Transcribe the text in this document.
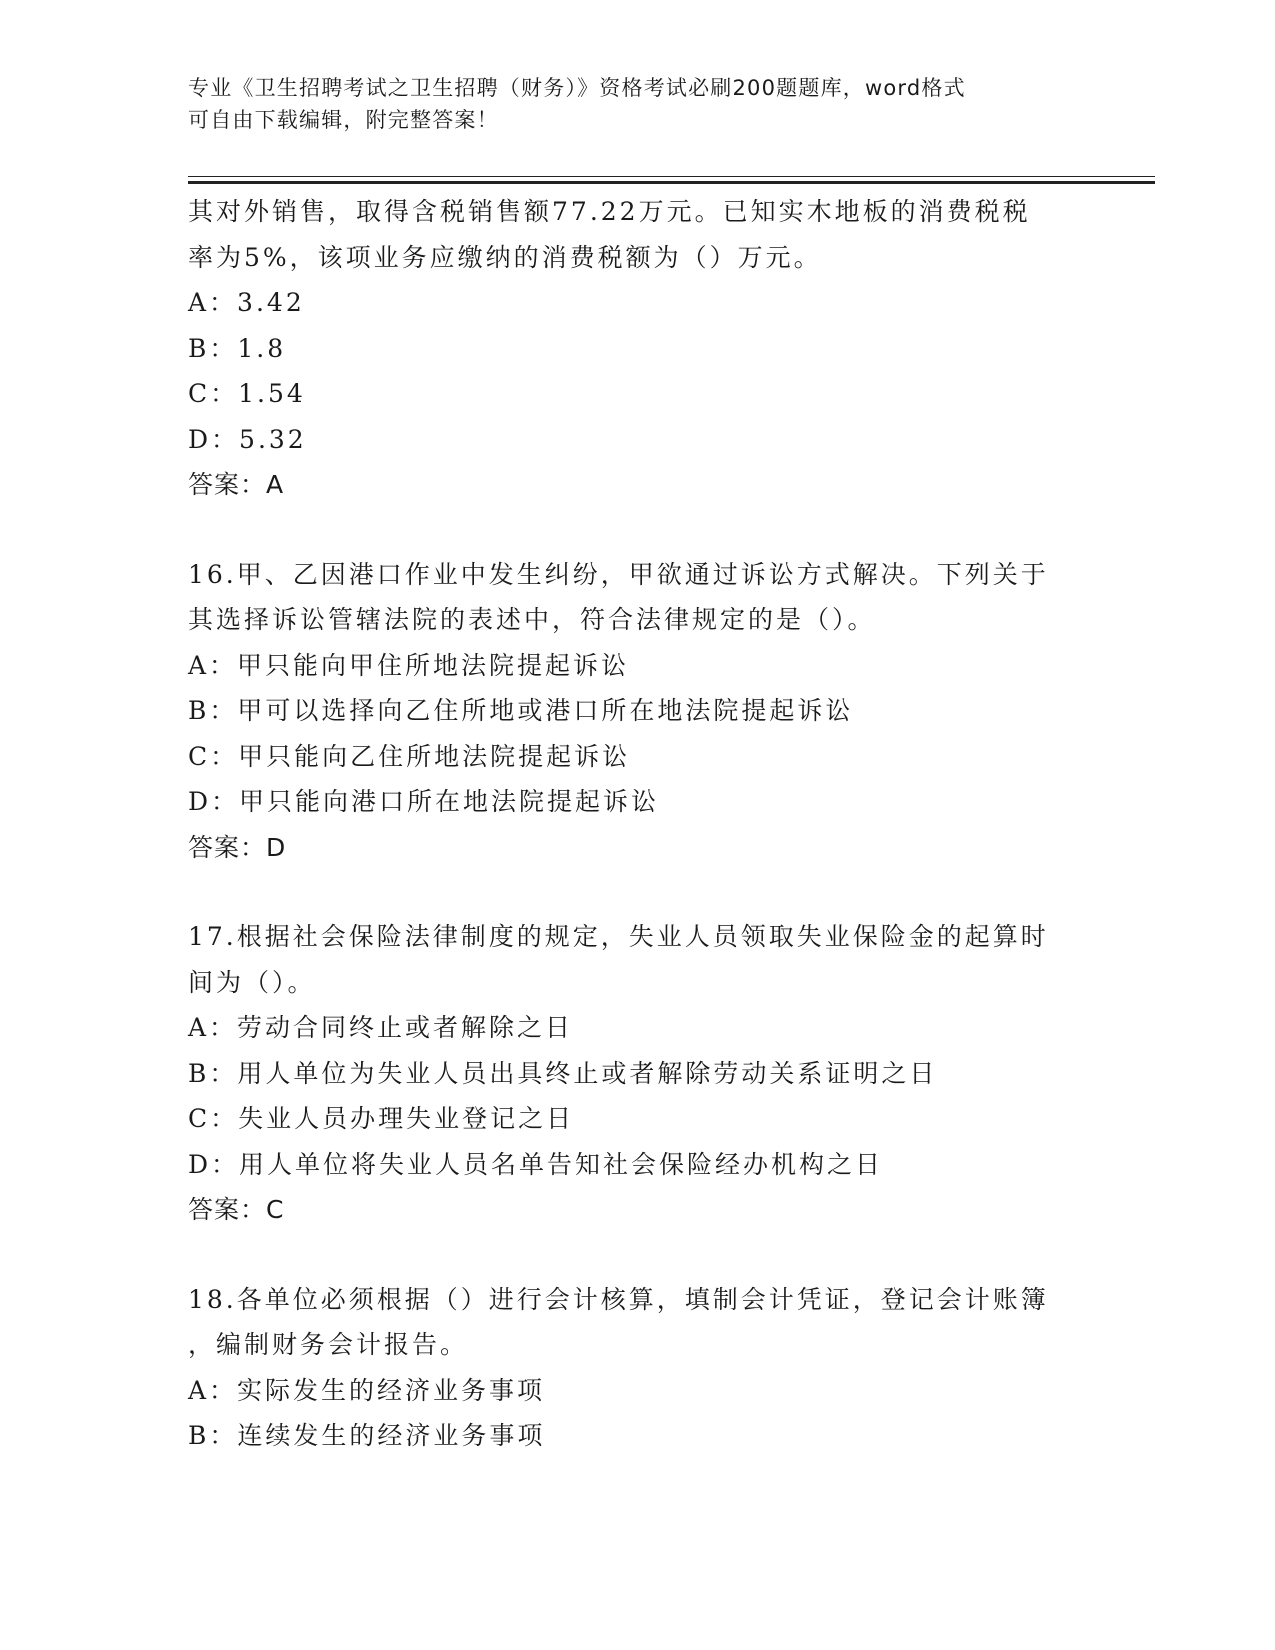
专业《卫生招聘考试之卫生招聘（财务）》资格考试必刷200题题库，word格式
可自由下载编辑，附完整答案！
其对外销售，取得含税销售额77.22万元。已知实木地板的消费税税
率为5%，该项业务应缴纳的消费税额为（）万元。
A：3.42
B：1.8
C：1.54
D：5.32
答案：A
16.甲、乙因港口作业中发生纠纷，甲欲通过诉讼方式解决。下列关于
其选择诉讼管辖法院的表述中，符合法律规定的是（）。
A：甲只能向甲住所地法院提起诉讼
B：甲可以选择向乙住所地或港口所在地法院提起诉讼
C：甲只能向乙住所地法院提起诉讼
D：甲只能向港口所在地法院提起诉讼
答案：D
17.根据社会保险法律制度的规定，失业人员领取失业保险金的起算时
间为（）。
A：劳动合同终止或者解除之日
B：用人单位为失业人员出具终止或者解除劳动关系证明之日
C：失业人员办理失业登记之日
D：用人单位将失业人员名单告知社会保险经办机构之日
答案：C
18.各单位必须根据（）进行会计核算，填制会计凭证，登记会计账簿
，编制财务会计报告。
A：实际发生的经济业务事项
B：连续发生的经济业务事项
